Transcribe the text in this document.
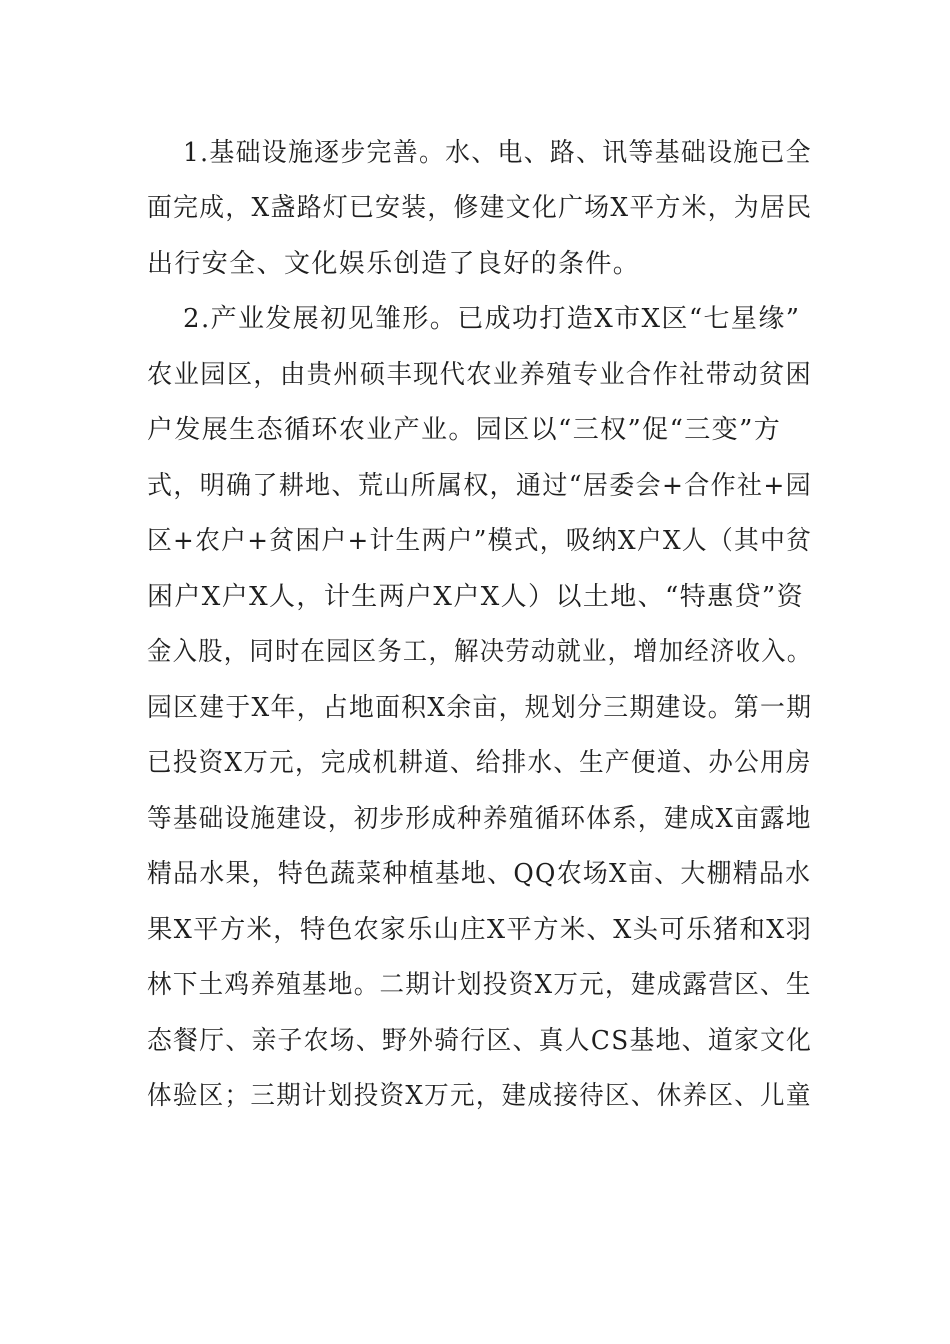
1.基础设施逐步完善。水、电、路、讯等基础设施已全
面完成，X盏路灯已安装，修建文化广场X平方米，为居民
出行安全、文化娱乐创造了良好的条件。
2.产业发展初见雏形。已成功打造X市X区“七星缘”
农业园区，由贵州硕丰现代农业养殖专业合作社带动贫困
户发展生态循环农业产业。园区以“三权”促“三变”方
式，明确了耕地、荒山所属权，通过“居委会+合作社+园
区+农户+贫困户+计生两户”模式，吸纳X户X人（其中贫
困户X户X人，计生两户X户X人）以土地、“特惠贷”资
金入股，同时在园区务工，解决劳动就业，增加经济收入。
园区建于X年，占地面积X余亩，规划分三期建设。第一期
已投资X万元，完成机耕道、给排水、生产便道、办公用房
等基础设施建设，初步形成种养殖循环体系，建成X亩露地
精品水果，特色蔬菜种植基地、QQ农场X亩、大棚精品水
果X平方米，特色农家乐山庄X平方米、X头可乐猪和X羽
林下土鸡养殖基地。二期计划投资X万元，建成露营区、生
态餐厅、亲子农场、野外骑行区、真人CS基地、道家文化
体验区；三期计划投资X万元，建成接待区、休养区、儿童
